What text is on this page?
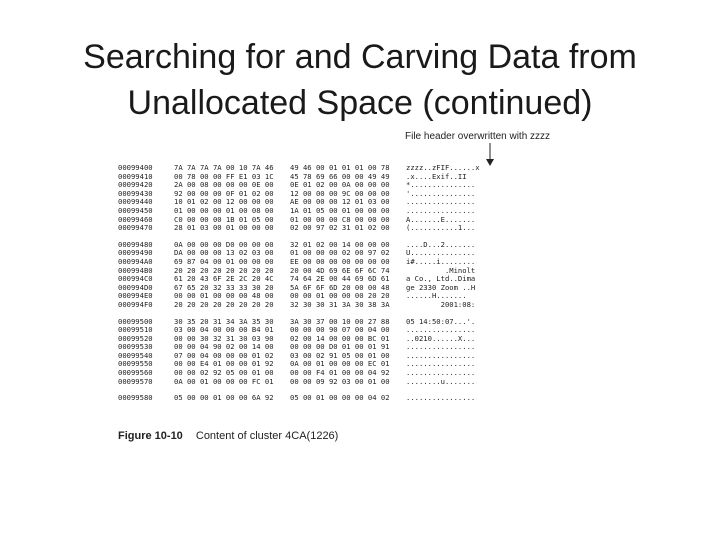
Searching for and Carving Data from
Unallocated Space (continued)
File header overwritten with zzzz
00099400	7A 7A 7A 7A 00 10 7A 46	49 46 00 01 01 01 00 78	zzzz..zFIF......x
00099410	00 78 00 00 FF E1 03 1C	45 78 69 66 00 00 49 49	.x....Exif..II
00099420	2A 00 08 00 00 00 0E 00	0E 01 02 00 0A 00 00 00	*...............
00099430	92 00 00 00 0F 01 02 00	12 00 00 00 9C 00 00 00	'...............
00099440	10 01 02 00 12 00 00 00	AE 00 00 00 12 01 03 00	................
00099450	01 00 00 00 01 00 08 00	1A 01 05 00 01 00 00 00	................
00099460	C0 00 00 00 1B 01 05 00	01 00 00 00 C8 00 00 00	A.......E.......
00099470	28 01 03 00 01 00 00 00	02 00 97 02 31 01 02 00	(...........1...
00099480	0A 00 00 00 D0 00 00 00	32 01 02 00 14 00 00 00	....D...2.......
00099490	DA 00 00 00 13 02 03 00	01 00 00 00 02 00 97 02	U...............
000994A0	69 87 04 00 01 00 00 00	EE 00 00 00 00 00 00 00	i#.....i........
000994B0	20 20 20 20 20 20 20 20	20 00 4D 69 6E 6F 6C 74	.Minolt
000994C0	61 20 43 6F 2E 2C 20 4C	74 64 2E 00 44 69 6D 61	a Co., Ltd..Dima
000994D0	67 65 20 32 33 33 30 20	5A 6F 6F 6D 20 00 00 48	ge 2330 Zoom ..H
000994E0	00 00 01 00 00 00 48 00	00 00 01 00 00 00 20 20	......H.......
000994F0	20 20 20 20 20 20 20 20	32 30 30 31 3A 30 38 3A	2001:08:
00099500	30 35 20 31 34 3A 35 30	3A 30 37 00 10 00 27 88	05 14:50:07...'.
00099510	03 00 04 00 00 00 B4 01	00 00 00 90 07 00 04 00	................
00099520	00 00 30 32 31 30 03 90	02 00 14 00 00 00 BC 01	..0210......X...
00099530	00 00 04 90 02 00 14 00	00 00 00 D0 01 00 01 91	................
00099540	07 00 04 00 00 00 01 02	03 00 02 91 05 00 01 00	................
00099550	00 00 E4 01 00 00 01 92	0A 00 01 00 00 00 EC 01	................
00099560	00 00 02 92 05 00 01 00	00 00 F4 01 00 00 04 92	................
00099570	0A 00 01 00 00 00 FC 01	00 00 09 92 03 00 01 00	........u.......
00099580	05 00 00 01 00 00 6A 92	05 00 01 00 00 00 04 02	................
Figure 10-10 Content of cluster 4CA(1226)
